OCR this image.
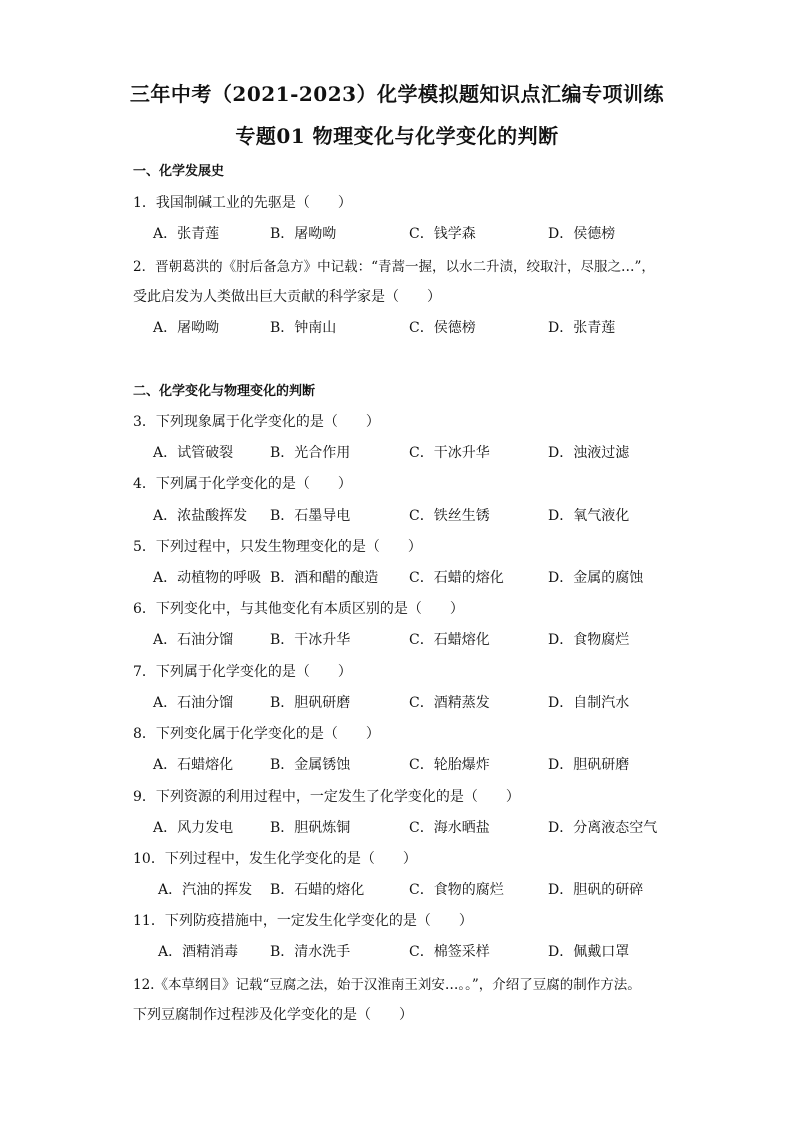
三年中考（2021-2023）化学模拟题知识点汇编专项训练
专题01 物理变化与化学变化的判断
一、化学发展史
1．我国制碱工业的先驱是（　　）
A．张青莲	B．屠呦呦	C．钱学森	D．侯德榜
2．晋朝葛洪的《肘后备急方》中记载：“青蒿一握，以水二升渍，绞取汁，尽服之…”，
受此启发为人类做出巨大贡献的科学家是（　　）
A．屠呦呦	B．钟南山	C．侯德榜	D．张青莲
二、化学变化与物理变化的判断
3．下列现象属于化学变化的是（　　）
A．试管破裂	B．光合作用	C．干冰升华	D．浊液过滤
4．下列属于化学变化的是（　　）
A．浓盐酸挥发 B．石墨导电	C．铁丝生锈	D．氧气液化
5．下列过程中，只发生物理变化的是（　　）
A．动植物的呼吸 B．酒和醋的酿造 C．石蜡的熔化	D．金属的腐蚀
6．下列变化中，与其他变化有本质区别的是（　　）
A．石油分馏	B．干冰升华	C．石蜡熔化	D．食物腐烂
7．下列属于化学变化的是（　　）
A．石油分馏	B．胆矾研磨	C．酒精蒸发	D．自制汽水
8．下列变化属于化学变化的是（　　）
A．石蜡熔化	B．金属锈蚀	C．轮胎爆炸	D．胆矾研磨
9．下列资源的利用过程中，一定发生了化学变化的是（　　）
A．风力发电	B．胆矾炼铜	C．海水晒盐	D．分离液态空气
10．下列过程中，发生化学变化的是（　　）
A．汽油的挥发 B．石蜡的熔化	C．食物的腐烂	D．胆矾的研碎
11．下列防疫措施中，一定发生化学变化的是（　　）
A．酒精消毒 B．清水洗手	C．棉签采样	D．佩戴口罩
12.《本草纲目》记载“豆腐之法，始于汉淮南王刘安…。。”，介绍了豆腐的制作方法。
下列豆腐制作过程涉及化学变化的是（　　）
